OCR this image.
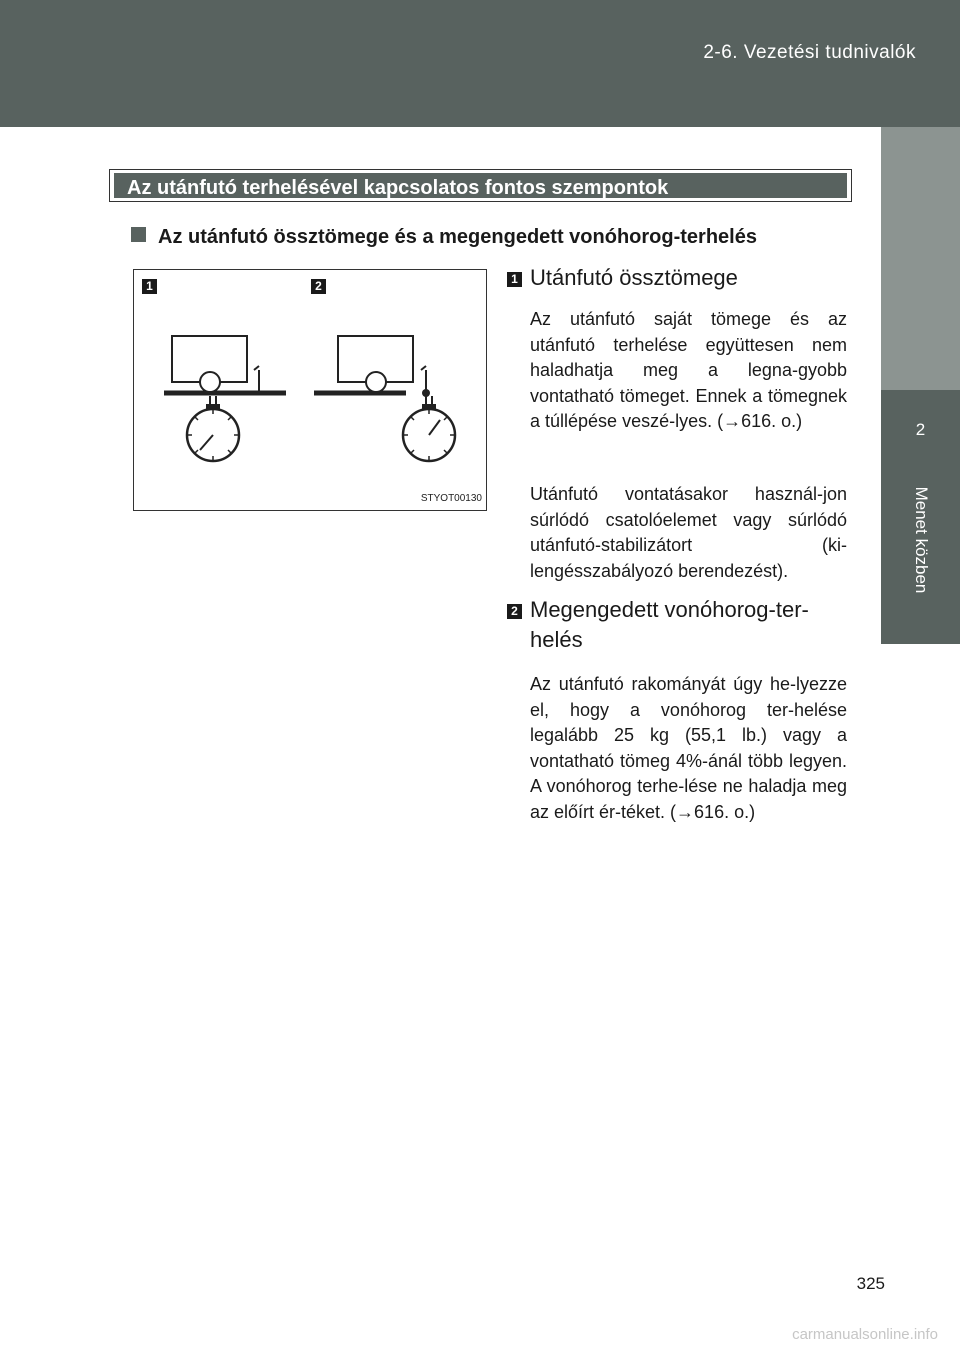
2-6. Vezetési tudnivalók
2
Menet közben
Az utánfutó terhelésével kapcsolatos fontos szempontok
Az utánfutó össztömege és a megengedett vonóhorog-terhelés
1	2
STYOT00130
1 Utánfutó össztömege
Az utánfutó saját tömege és az utánfutó terhelése együttesen nem haladhatja meg a legna-gyobb vontatható tömeget. Ennek a tömegnek a túllépése veszé-lyes. (→616. o.)
Utánfutó vontatásakor használ-jon súrlódó csatolóelemet vagy súrlódó utánfutó-stabilizátort (ki-lengésszabályozó berendezést).
2 Megengedett vonóhorog-ter-
helés
Az utánfutó rakományát úgy he-lyezze el, hogy a vonóhorog ter-helése legalább 25 kg (55,1 lb.) vagy a vontatható tömeg 4%-ánál több legyen. A vonóhorog terhe-lése ne haladja meg az előírt ér-téket. (→616. o.)
325
carmanualsonline.info
